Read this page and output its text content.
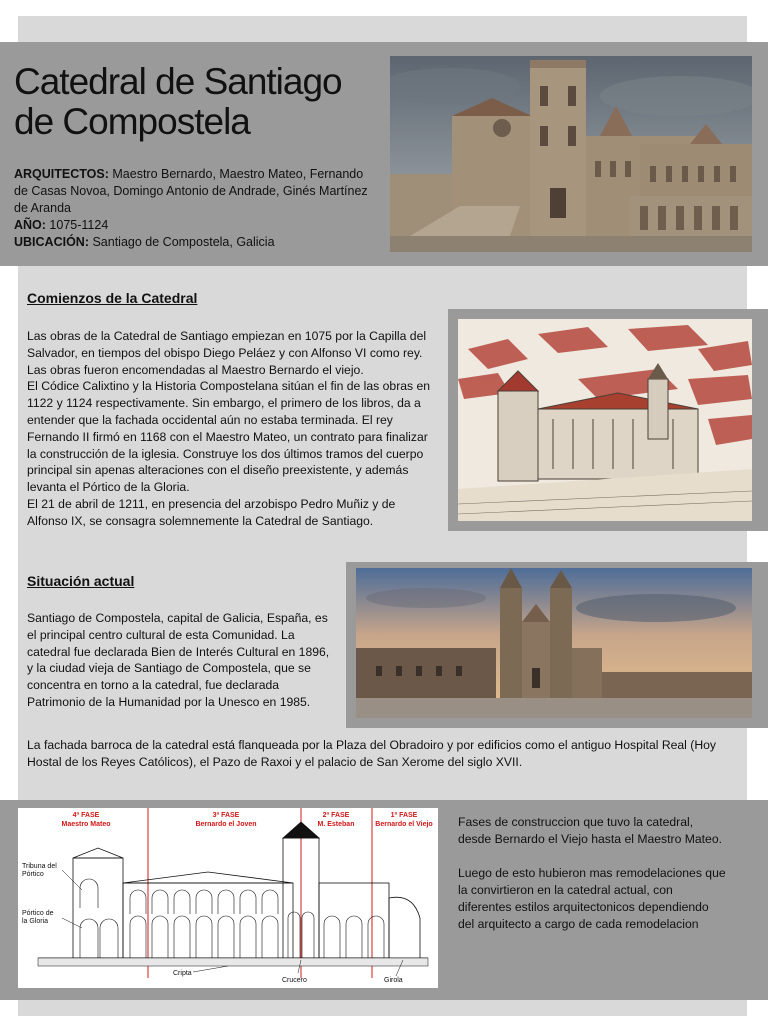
Catedral de Santiago
de Compostela
ARQUITECTOS: Maestro Bernardo, Maestro Mateo, Fernando de Casas Novoa, Domingo Antonio de Andrade, Ginés Martínez de Aranda
AÑO: 1075-1124
UBICACIÓN: Santiago de Compostela, Galicia
Comienzos de la Catedral

Las obras de la Catedral de Santiago empiezan en 1075 por la Capilla del Salvador, en tiempos del obispo Diego Peláez y con Alfonso VI como rey. Las obras fueron encomendadas al Maestro Bernardo el viejo.

El Códice Calixtino y la Historia Compostelana sitúan el fin de las obras en 1122 y 1124 respectivamente. Sin embargo, el primero de los libros, da a entender que la fachada occidental aún no estaba terminada. El rey Fernando II firmó en 1168 con el Maestro Mateo, un contrato para finalizar la construcción de la iglesia. Construye los dos últimos tramos del cuerpo principal sin apenas alteraciones con el diseño preexistente, y además levanta el Pórtico de la Gloria.

El 21 de abril de 1211, en presencia del arzobispo Pedro Muñiz y de Alfonso IX, se consagra solemnemente la Catedral de Santiago.

Situación actual

Santiago de Compostela, capital de Galicia, España, es el principal centro cultural de esta Comunidad. La catedral fue declarada Bien de Interés Cultural en 1896, y la ciudad vieja de Santiago de Compostela, que se concentra en torno a la catedral, fue declarada Patrimonio de la Humanidad por la Unesco en 1985.

La fachada barroca de la catedral está flanqueada por la Plaza del Obradoiro y por edificios como el antiguo Hospital Real (Hoy Hostal de los Reyes Católicos), el Pazo de Raxoi y el palacio de San Xerome del siglo XVII.

4ª FASE
Maestro Mateo
3ª FASE
Bernardo el Joven
2ª FASE
M. Esteban
1ª FASE
Bernardo el Viejo
Tribuna del
Pórtico
Pórtico de
la Gloria
Cripta
Crucero	Girola

Fases de construccion que tuvo la catedral, desde Bernardo el Viejo hasta el Maestro Mateo.

Luego de esto hubieron mas remodelaciones que la convirtieron en la catedral actual, con diferentes estilos arquitectonicos dependiendo del arquitecto a cargo de cada remodelacion
